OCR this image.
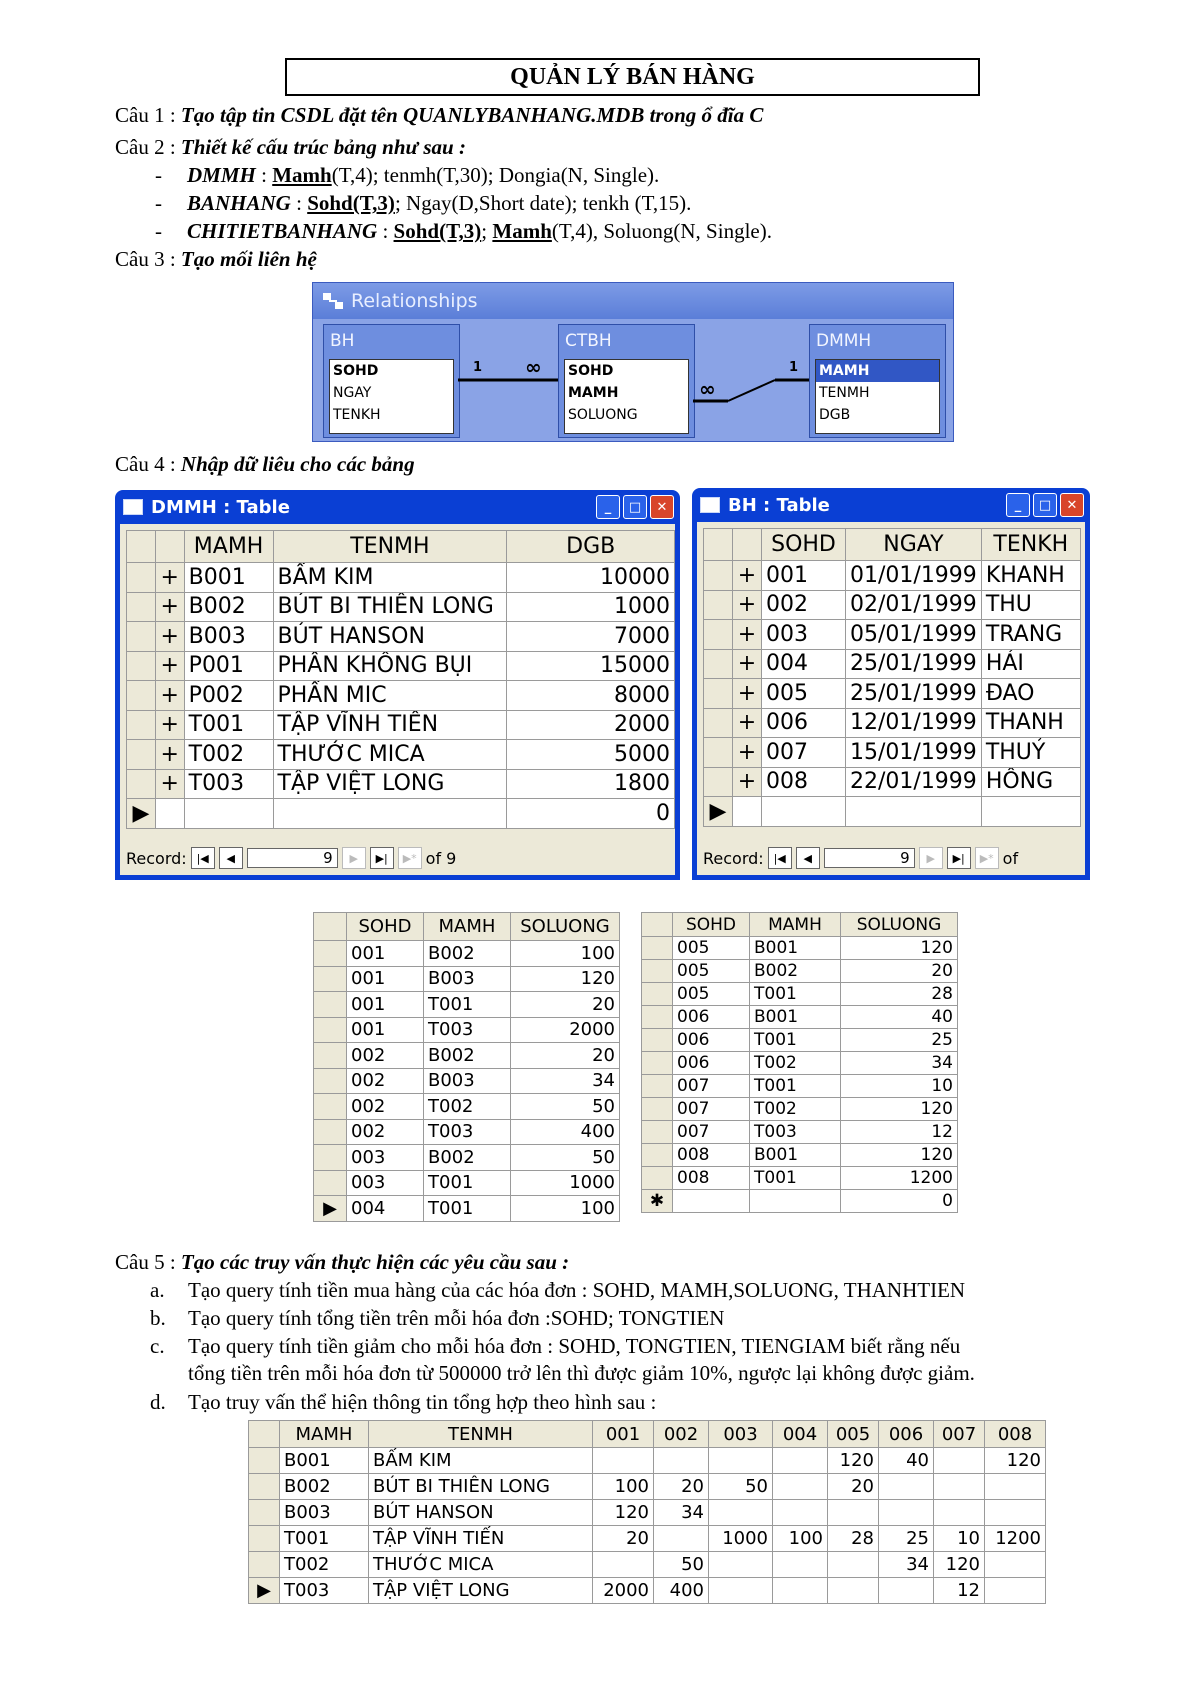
QUẢN LÝ BÁN HÀNG
Câu 1 : Tạo tập tin CSDL đặt tên QUANLYBANHANG.MDB trong ổ đĩa C
Câu 2 : Thiết kế cấu trúc bảng như sau :
- DMMH : Mamh(T,4); tenmh(T,30); Dongia(N, Single).
- BANHANG : Sohd(T,3); Ngay(D,Short date); tenkh (T,15).
- CHITIETBANHANG : Sohd(T,3); Mamh(T,4), Soluong(N, Single).
Câu 3 : Tạo mối liên hệ
Relationships
BH
SOHD
NGAY
TENKH
CTBH
SOHD
MAMH
SOLUONG
DMMH
MAMH
TENMH
DGB
1 ∞
∞
1
Câu 4 : Nhập dữ liêu cho các bảng
DMMH : Table	_	□	✕
		MAMH	TENMH	DGB
	+	B001	BẤM KIM	10000
	+	B002	BÚT BI THIÊN LONG	1000
	+	B003	BÚT HANSON	7000
	+	P001	PHẤN KHÔNG BỤI	15000
	+	P002	PHẤN MIC	8000
	+	T001	TẬP VĨNH TIẾN	2000
	+	T002	THƯỚC MICA	5000
	+	T003	TẬP VIỆT LONG	1800
▶				0
Record: |◀	◀	9	▶	▶|	▶* of 9
BH : Table	_	□	✕
		SOHD	NGAY	TENKH
	+	001	01/01/1999	KHANH
	+	002	02/01/1999	THU
	+	003	05/01/1999	TRANG
	+	004	25/01/1999	HẢI
	+	005	25/01/1999	ĐAO
	+	006	12/01/1999	THANH
	+	007	15/01/1999	THUỶ
	+	008	22/01/1999	HỒNG
▶				
Record: |◀	◀	9	▶	▶|	▶* of
	SOHD	MAMH	SOLUONG
	001	B002	100
	001	B003	120
	001	T001	20
	001	T003	2000
	002	B002	20
	002	B003	34
	002	T002	50
	002	T003	400
	003	B002	50
	003	T001	1000
▶	004	T001	100
	SOHD	MAMH	SOLUONG
	005	B001	120
	005	B002	20
	005	T001	28
	006	B001	40
	006	T001	25
	006	T002	34
	007	T001	10
	007	T002	120
	007	T003	12
	008	B001	120
	008	T001	1200
✱			0
Câu 5 : Tạo các truy vấn thực hiện các yêu cầu sau :
a. Tạo query tính tiền mua hàng của các hóa đơn : SOHD, MAMH,SOLUONG, THANHTIEN
b. Tạo query tính tổng tiền trên mỗi hóa đơn :SOHD; TONGTIEN
c. Tạo query tính tiền giảm cho mỗi hóa đơn : SOHD, TONGTIEN, TIENGIAM biết rằng nếu
tổng tiền trên mỗi hóa đơn từ 500000 trở lên thì được giảm 10%, ngược lại không được giảm.
d. Tạo truy vấn thể hiện thông tin tổng hợp theo hình sau :
	MAMH	TENMH	001	002	003	004	005	006	007	008
	B001	BẤM KIM					120	40		120
	B002	BÚT BI THIÊN LONG	100	20	50		20			
	B003	BÚT HANSON	120	34						
	T001	TẬP VĨNH TIẾN	20		1000	100	28	25	10	1200
	T002	THƯỚC MICA		50				34	120	
▶	T003	TẬP VIỆT LONG	2000	400					12	
